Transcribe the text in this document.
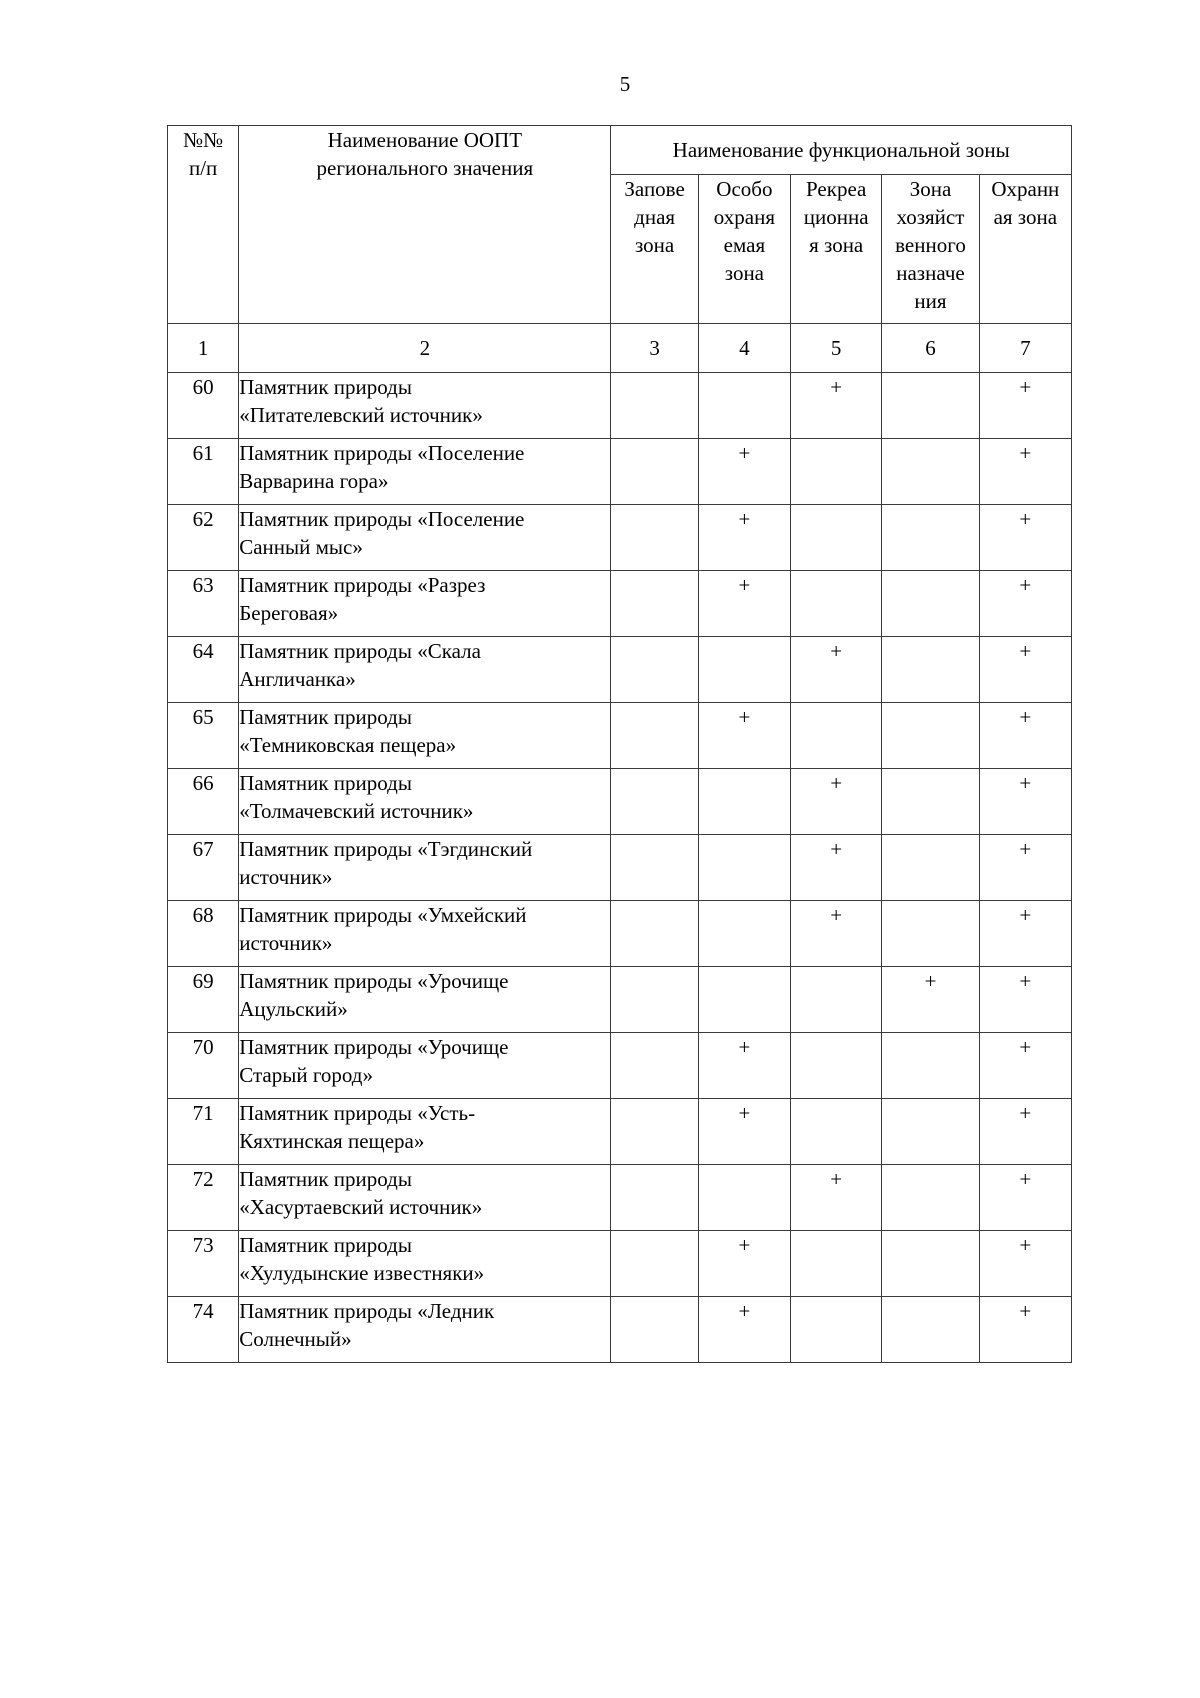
5
№№
п/п	Наименование ООПТ регионального значения	Наименование функциональной зоны				
		Запове
дная
зона	Особо
охраня
емая
зона	Рекреа
ционна
я зона	Зона
хозяйст
венного
назначе
ния	Охранн
ая зона
1	2	3	4	5	6	7
60	Памятник природы
«Питателевский источник»			+		+
61	Памятник природы «Поселение
Варварина гора»		+			+
62	Памятник природы «Поселение
Санный мыс»		+			+
63	Памятник природы «Разрез
Береговая»		+			+
64	Памятник природы «Скала
Англичанка»			+		+
65	Памятник природы
«Темниковская пещера»		+			+
66	Памятник природы
«Толмачевский источник»			+		+
67	Памятник природы «Тэгдинский
источник»			+		+
68	Памятник природы «Умхейский
источник»			+		+
69	Памятник природы «Урочище
Ацульский»				+	+
70	Памятник природы «Урочище
Старый город»		+			+
71	Памятник природы «Усть-
Кяхтинская пещера»		+			+
72	Памятник природы
«Хасуртаевский источник»			+		+
73	Памятник природы
«Хулудынские известняки»		+			+
74	Памятник природы «Ледник
Солнечный»		+			+
